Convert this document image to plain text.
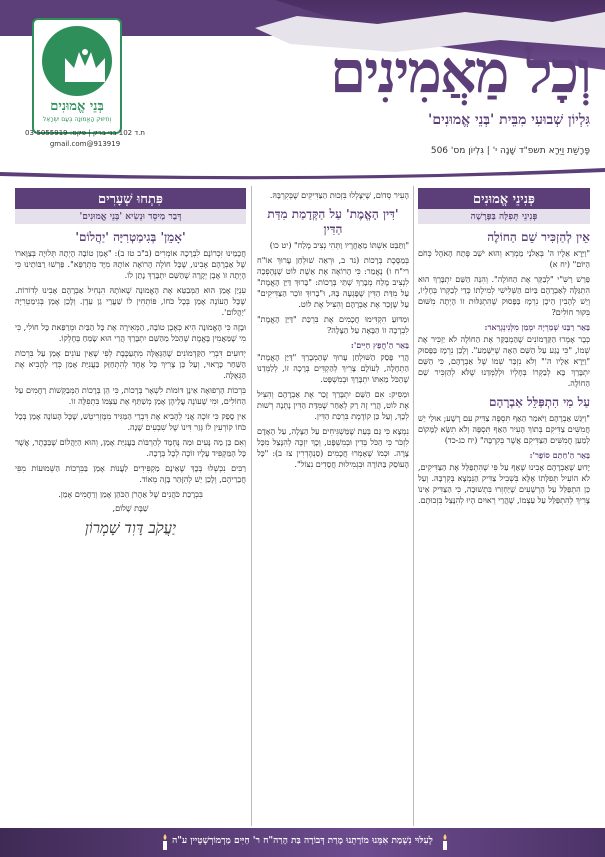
בְּנֵי אֱמוּנִים
וְחִיזּוּק הָאֱמוּנָה בְּעַם יִשְׂרָאֵל
ת.ד 102 בני ברק | פקס: 03-5055919
913919@gmail.com
וְכָל מַאֲמִינִים
גִּלְיוֹן שְׁבוּעִי מִבֵּית 'בְּנֵי אֱמוּנִים'
פָּרָשַׁת וַיֵּרָא תשפ"ד שָׁנָה י' | גִּלְיוֹן מס' 506
פְּנִינֵי אֱמוּנִים
פְּנִינֵי תְּפִלָּה בַּפָּרָשָׁה
אֵין לְהַזְכִּיר שֵׁם הַחוֹלֶה

"וַיֵּרָא אֵלָיו ה' בְּאֵלֹנֵי מַמְרֵא וְהוּא יֹשֵׁב פֶּתַח הָאֹהֶל כְּחֹם הַיּוֹם" (יח א)

פֵּרֵשׁ רַשִּׁ"י "לְבַקֵּר אֶת הַחוֹלֶה". וְהִנֵּה הַשֵּׁם יִתְבָּרֵךְ הוּא הִתְגַּלָּה לְאַבְרָהָם בַּיּוֹם הַשְּׁלִישִׁי לְמִילָתוֹ כְּדֵי לְבַקְּרוֹ בְּחָלְיוֹ, וְיֵשׁ לְהָבִין הֵיכָן נִרְמָז בַּפָּסוּק שֶׁהִתְגַּלּוּת זוֹ הָיְתָה מִשּׁוּם בִּקּוּר חוֹלִים?

בֵּאֵר רַבֵּנוּ שְׁמַרְיָה יִמְמַן מִלְּנִינְגְרַאד:

כְּבָר אָמְרוּ הַקַּדְמוֹנִים שֶׁהַמְבַקֵּר אֶת הַחוֹלֶה לֹא יַזְכִּיר אֶת שְׁמוֹ, "כִּי נָגַע עַל הַשֵּׁם הֵאָה שֶׁיִּשָּׁמַע". וְלָכֵן נִרְמָז בַּפָּסוּק "וַיֵּרָא אֵלָיו ה'" וְלֹא נִזְכַּר שְׁמוֹ שֶׁל אַבְרָהָם, כִּי הַשֵּׁם יִתְבָּרֵךְ בָּא לְבַקְּרוֹ בְּחָלְיוֹ וּלְלַמְּדֵנוּ שֶׁלֹּא לְהַזְכִּיר שֵׁם הַחוֹלֶה.

עַל מִי הִתְפַּלֵּל אַבְרָהָם

"וַיִּגַּשׁ אַבְרָהָם וַיֹּאמַר הַאַף תִּסְפֶּה צַדִּיק עִם רָשָׁע; אוּלַי יֵשׁ חֲמִשִּׁים צַדִּיקִם בְּתוֹךְ הָעִיר הַאַף תִּסְפֶּה וְלֹא תִשָּׂא לַמָּקוֹם לְמַעַן חֲמִשִּׁים הַצַּדִּיקִם אֲשֶׁר בְּקִרְבָּהּ" (יח כג-כד)

בֵּאֵר הַ'חַתַם סוֹפֵר':

יָדוּעַ שֶׁאַבְרָהָם אָבִינוּ שֶׁאַף עַל פִּי שֶׁהִתְפַּלֵּל אֶת הַצַּדִּיקִים, לֹא הוֹעִיל תְּפִלָּתוֹ אֶלָּא בִּשְׁבִיל צַדִּיק הַנִּמְצָא בְּקִרְבָּהּ. וְעַל כֵּן הִתְפַּלֵּל עַל הָרְשָׁעִים שֶׁיַּחְזְרוּ בִּתְשׁוּבָה, כִּי הַצַּדִּיק אֵינוֹ צָרִיךְ לְהִתְפַּלֵּל עַל עַצְמוֹ, שֶׁהֲרֵי רְאוּיִם הָיוּ לְהִנָּצֵל בִּזְכוּתָם.

הָעִיר סְדוֹם, שֶׁיִּצָּלְלוּ בִּזְכוּת הַצַּדִּיקִים שֶׁבְּקִרְבָּהּ.

'דִּין הָאֱמֶת' עַל הַקְּדָמַת מִדַּת הַדִּין

"וַתַּבֵּט אִשְׁתּוֹ מֵאַחֲרָיו וַתְּהִי נְצִיב מֶלַח" (יט כו)

בְּמַסֶּכֶת בְּרָכוֹת (נד ב, וּרְאֵה שׁוּלְחַן עָרוּךְ אוֹ"ח רי"ח ו) נֶאֱמַר: כִּי הָרוֹאֶה אֶת אֵשֶׁת לוֹט שֶׁנֶּהֶפְכָה לִנְצִיב מֶלַח מְבָרֵךְ שְׁתֵּי בְּרָכוֹת: "בָּרוּךְ דַּיַּן הָאֱמֶת" עַל מִדַּת הַדִּין שֶׁפָּגְעָה בָּהּ, וּ"בָרוּךְ זוֹכֵר הַצַּדִּיקִים" עַל שֶׁזָּכַר אֶת אַבְרָהָם וְהִצִּיל אֶת לוֹט.

וּמַדּוּעַ הִקְדִּימוּ חֲכָמִים אֶת בִּרְכַּת "דַּיַּן הָאֱמֶת" לִבְרָכָה זוֹ הַבָּאָה עַל הַצָּלָה?

בֵּאֵר הַ'חֲפֵץ חַיִּים':

הֲרֵי פָּסַק הַשּׁוּלְחַן עָרוּךְ שֶׁהַמְבָרֵךְ "דַּיַּן הָאֱמֶת" הַתְחָלָה, לְעוֹלָם צָרִיךְ לְהַקְדִּים בְּרָכָה זוֹ, לְלַמְּדֵנוּ שֶׁהַכֹּל מֵאִתּוֹ יִתְבָּרַךְ וּבְמִשְׁפָּט.

וּמַסִּיק: אִם הַשֵּׁם יִתְבָּרֵךְ זָכַר אֶת אַבְרָהָם וְהִצִּיל אֶת לוֹט, הֲרֵי זֶה רַק לְאַחַר שֶׁמִּדַּת הַדִּין נָתְנָה רְשׁוּת לְכָךְ, וְעַל כֵּן קוֹדֶמֶת בִּרְכַּת הַדִּין.

נִמְצָא כִּי גַּם בְּעֵת שֶׁמַּשְׁגִּיחִים עַל הַצָּלָה, עַל הָאָדָם לִזְכֹּר כִּי הַכֹּל בְּדִין וּבְמִשְׁפָּט, וְכָךְ יִזְכֶּה לְהִנָּצֵל מִכָּל צָרָה. וּכְמוֹ שֶׁאָמְרוּ חֲכָמִים (סַנְהֶדְרִין צז ב): "כָּל הָעוֹסֵק בַּתּוֹרָה וּבִגְמִילוּת חֲסָדִים נִצּוֹל".

פִּתְחוּ שְׁעָרִים
דְּבַר מַיסֵד וּנְשִׂיא 'בְּנֵי אֱמוּנִים'
'אָמֵן' בְּגִימַטְרִיָּה 'יַהֲלוֹם'

חֲכָמֵינוּ זִכְרוֹנָם לִבְרָכָה אוֹמְרִים (ב"ב טז ב): "אָמֵן טוֹבָה הָיְתָה תְּלוּיָה בְּצַוָּארוֹ שֶׁל אַבְרָהָם אָבִינוּ, שֶׁכָּל חוֹלֶה הָרוֹאֶה אוֹתָהּ מִיָּד מִתְרַפֵּא". פֵּרְשׁוּ רַבּוֹתֵינוּ כִּי הָיְתָה זוֹ אֶבֶן יְקָרָה שֶׁהַשֵּׁם יִתְבָּרֵךְ נָתַן לוֹ.

עִנְיַן אָמֵן הוּא הַמְּבַטֵּא אֶת הָאֱמוּנָה שֶׁאוֹתָהּ הִנְחִיל אַבְרָהָם אָבִינוּ לְדוֹרוֹת. שֶׁכָּל הָעוֹנֶה אָמֵן בְּכָל כֹּחוֹ, פּוֹתְחִין לוֹ שַׁעֲרֵי גַן עֵדֶן. וְלָכֵן אָמֵן בְּגִימַטְרִיָּה 'יַהֲלוֹם'.

וּבָזֶה כִּי הָאֱמוּנָה הִיא כְּאֶבֶן טוֹבָה, הַמְּאִירָה אֶת כָּל הַבַּיִת וּמְרַפֵּאת כָּל חוֹלִי, כִּי מִי שֶׁמַּאֲמִין בֶּאֱמֶת שֶׁהַכֹּל מֵהַשֵּׁם יִתְבָּרֵךְ הֲרֵי הוּא שָׂמֵחַ בְּחֶלְקוֹ.

יְדוּעִים דִּבְרֵי הַקַּדְמוֹנִים שֶׁהַגְּאֻלָּה מִתְעַכֶּבֶת לְפִי שֶׁאֵין עוֹנִים אָמֵן עַל בִּרְכוֹת הַשַּׁחַר כָּרָאוּי, וְעַל כֵּן צָרִיךְ כָּל אֶחָד לְהִתְחַזֵּק בַּעֲנִיַּת אָמֵן כְּדֵי לְהָבִיא אֶת הַגְּאֻלָּה.

בִּרְכוֹת הָרְפוּאָה אֵינָן דּוֹמוֹת לִשְׁאָר בְּרָכוֹת, כִּי הֵן בְּרָכוֹת הַמְּבַקְּשׁוֹת רַחֲמִים עַל הַחוֹלִים, וּמִי שֶׁעוֹנֶה עֲלֵיהֶן אָמֵן מְשַׁתֵּף אֶת עַצְמוֹ בִּתְפִלָּה זוֹ.

אֵין סָפֵק כִּי זוֹכֶה אֲנִי לְהָבִיא אֶת דִּבְרֵי הַמַּגִּיד מִמֶּזְרִיטְשׁ, שֶׁכָּל הָעוֹנֶה אָמֵן בְּכָל כֹּחוֹ קוֹרְעִין לוֹ גְּזַר דִּינוֹ שֶׁל שִׁבְעִים שָׁנָה.

וְאִם כֵּן מַה נָּעִים וּמַה נֶּחְמָד לְהַרְבּוֹת בַּעֲנִיַּת אָמֵן, וְהוּא הַיַּהֲלוֹם שֶׁבַּכֶּתֶר, אֲשֶׁר כָּל הַמַּקְפִּיד עָלָיו זוֹכֶה לְכָל בְּרָכָה.

רַבִּים נִכְשְׁלוּ בְּכָךְ שֶׁאֵינָם מַקְפִּידִים לַעֲנוֹת אָמֵן בַּבִּרְכוֹת הַשְּׁמוּעוֹת מִפִּי חֲבֵרֵיהֶם, וְלָכֵן יֵשׁ לְהִזָּהֵר בָּזֶה מְאוֹד.

בִּבְרָכַת כֹּהֲנִים שֶׁל אַהֲרֹן הַכֹּהֵן אָמֵן וְרַחֲמִים אָמֵן.

שַׁבָּת שָׁלוֹם,
יַעֲקֹב דָּוִד שָׁמְרוֹן
לְעִלּוּי נִשְׁמַת אִמֵּנוּ מוֹרָתֵנוּ מָרַת דְּבוֹרָה בַּת הָרַה"ח ר' חַיִּים מַרְמוֹרְשְׁטֵיין ע"ה
